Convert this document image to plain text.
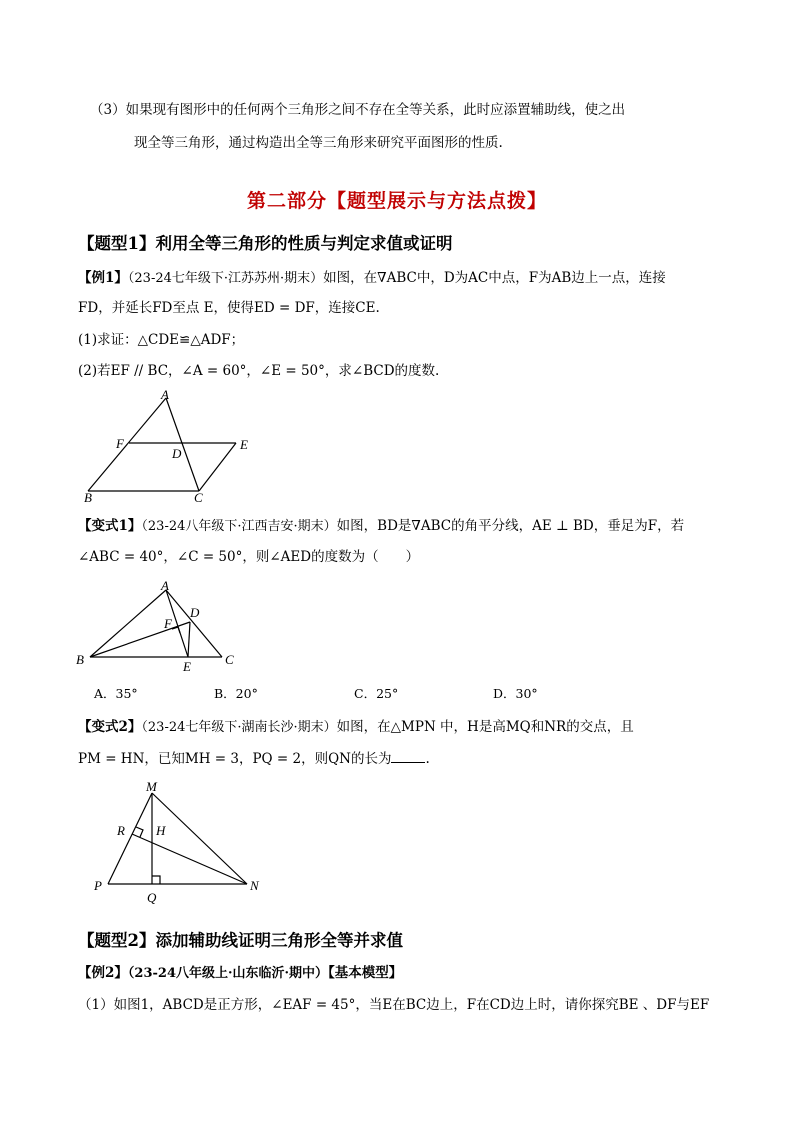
（3）如果现有图形中的任何两个三角形之间不存在全等关系，此时应添置辅助线，使之出
现全等三角形，通过构造出全等三角形来研究平面图形的性质.
第二部分【题型展示与方法点拨】
【题型1】利用全等三角形的性质与判定求值或证明
【例1】（23-24七年级下·江苏苏州·期末）如图，在∇ABC中，D为AC中点，F为AB边上一点，连接
FD，并延长FD至点 E，使得ED = DF，连接CE.
(1)求证：△CDE≌△ADF；
(2)若EF // BC，∠A = 60°，∠E = 50°，求∠BCD的度数.
A
F
D
E
B	C
【变式1】（23-24八年级下·江西吉安·期末）如图，BD是∇ABC的角平分线，AE ⊥ BD，垂足为F，若
∠ABC = 40°，∠C = 50°，则∠AED的度数为（　　）
A
D
F
B	E	C
A．35°	B．20°	C．25°	D．30°
【变式2】（23-24七年级下·湖南长沙·期末）如图，在△MPN 中，H是高MQ和NR的交点，且
PM = HN，已知MH = 3，PQ = 2，则QN的长为	.
M
R H
P
Q
N
【题型2】添加辅助线证明三角形全等并求值
【例2】（23-24八年级上·山东临沂·期中）【基本模型】
（1）如图1，ABCD是正方形，∠EAF = 45°，当E在BC边上，F在CD边上时，请你探究BE 、DF与EF
